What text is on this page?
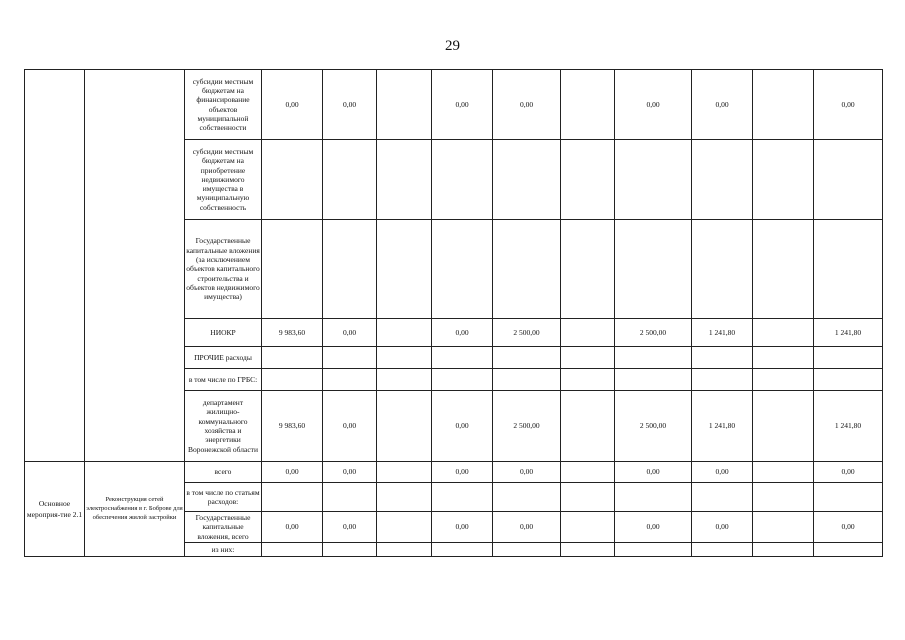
29
		субсидии местным бюджетам на финансирование объектов муниципальной собственности	0,00	0,00		0,00	0,00		0,00	0,00		0,00
		субсидии местным бюджетам на приобретение недвижимого имущества в муниципальную собственность										
		Государственные капитальные вложения (за исключением объектов капитального строительства и объектов недвижимого имущества)										
		НИОКР	9 983,60	0,00		0,00	2 500,00		2 500,00	1 241,80		1 241,80
		ПРОЧИЕ расходы										
		в том числе по ГРБС:										
		департамент жилищно-коммунального хозяйства и энергетики Воронежской области	9 983,60	0,00		0,00	2 500,00		2 500,00	1 241,80		1 241,80
Основное мероприя-тие 2.1	Реконструкция сетей электроснабжения в г. Боброве для обеспечения жилой застройки	всего	0,00	0,00		0,00	0,00		0,00	0,00		0,00
		в том числе по статьям расходов:										
		Государственные капитальные вложения, всего	0,00	0,00		0,00	0,00		0,00	0,00		0,00
		из них:										
